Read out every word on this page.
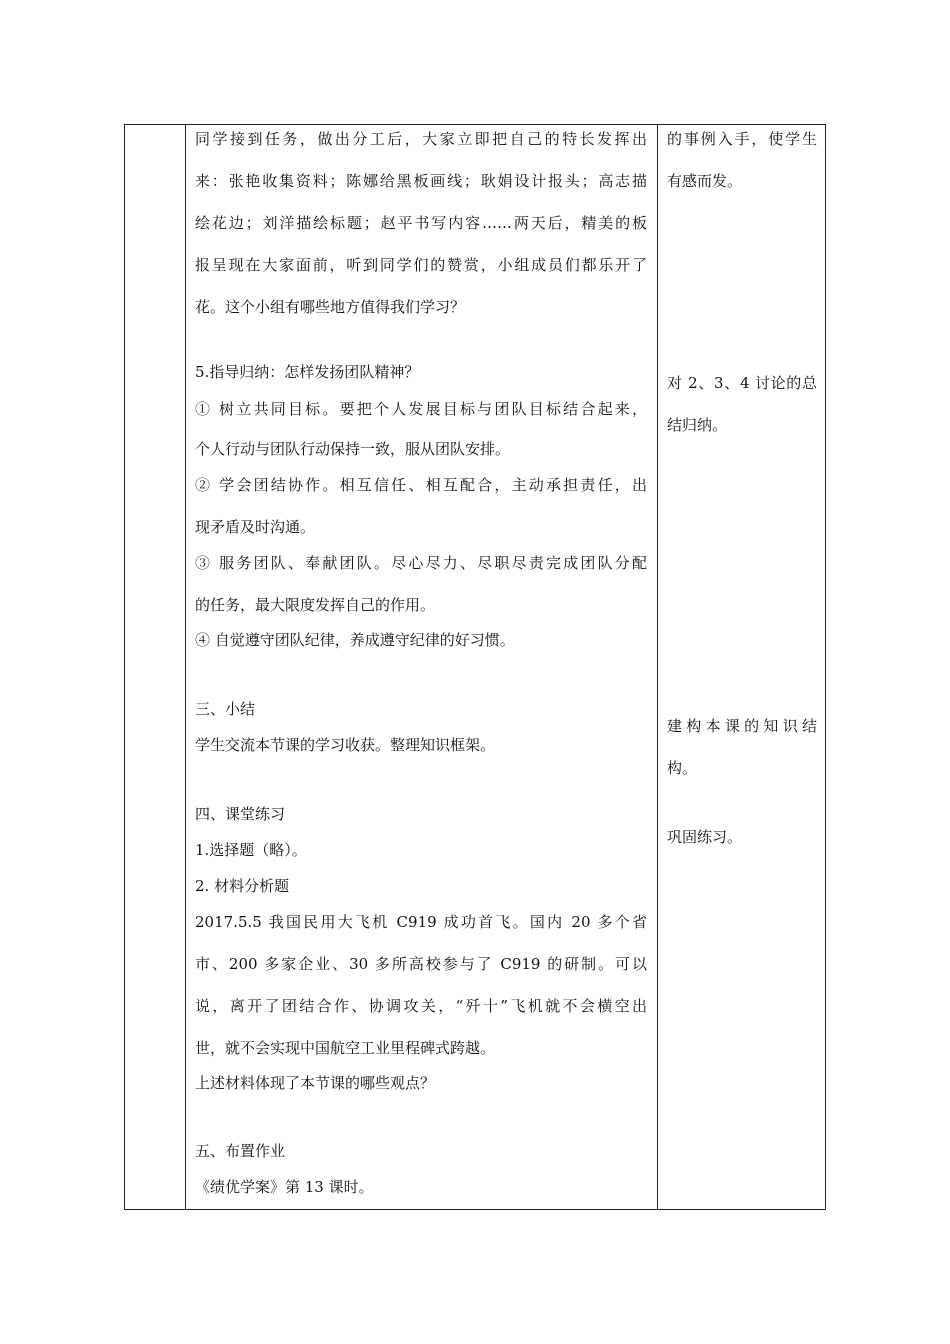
同学接到任务，做出分工后，大家立即把自己的特长发挥出
来：张艳收集资料；陈娜给黑板画线；耿娟设计报头；高志描
绘花边；刘洋描绘标题；赵平书写内容……两天后，精美的板
报呈现在大家面前，听到同学们的赞赏，小组成员们都乐开了
花。这个小组有哪些地方值得我们学习？
5.指导归纳：怎样发扬团队精神？
① 树立共同目标。要把个人发展目标与团队目标结合起来，
个人行动与团队行动保持一致，服从团队安排。
② 学会团结协作。相互信任、相互配合，主动承担责任，出
现矛盾及时沟通。
③ 服务团队、奉献团队。尽心尽力、尽职尽责完成团队分配
的任务，最大限度发挥自己的作用。
④ 自觉遵守团队纪律，养成遵守纪律的好习惯。
三、小结
学生交流本节课的学习收获。整理知识框架。
四、课堂练习
1.选择题（略）。
2. 材料分析题
2017.5.5 我国民用大飞机 C919 成功首飞。国内 20 多个省
市、200 多家企业、30 多所高校参与了 C919 的研制。可以
说，离开了团结合作、协调攻关，“歼十”飞机就不会横空出
世，就不会实现中国航空工业里程碑式跨越。
上述材料体现了本节课的哪些观点？
五、布置作业
《绩优学案》第 13 课时。
的事例入手，使学生
有感而发。
对 2、3、4 讨论的总
结归纳。
建构本课的知识结
构。
巩固练习。
